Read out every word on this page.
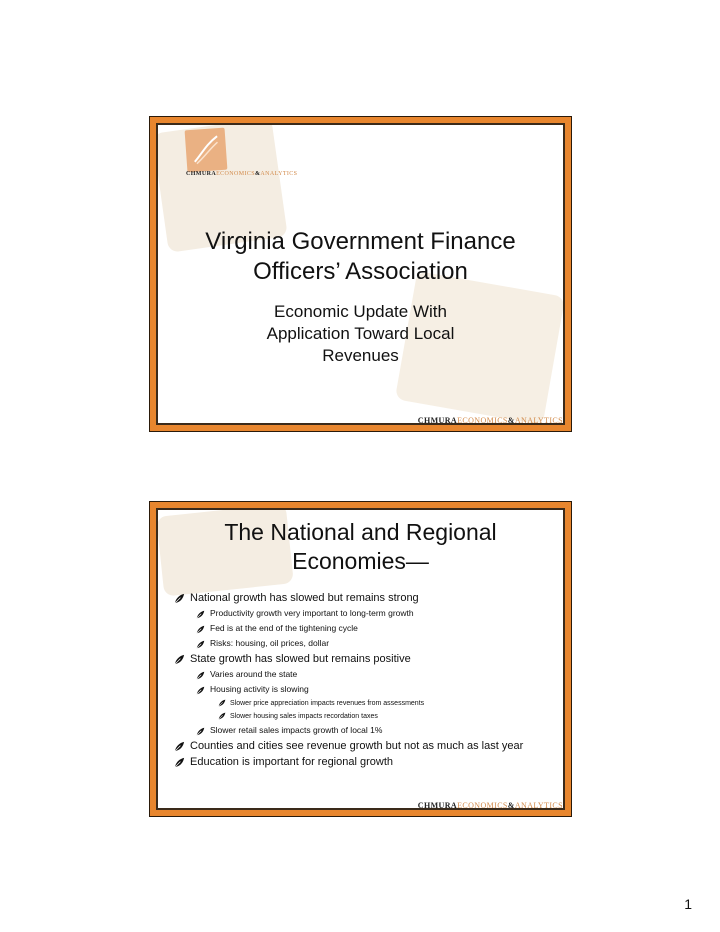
CHMURAECONOMICS&ANALYTICS
Virginia Government Finance
Officers’ Association
Economic Update With
Application Toward Local
Revenues
CHMURAECONOMICS&ANALYTICS
The National and Regional
Economies—
National growth has slowed but remains strong
Productivity growth very important to long-term growth
Fed is at the end of the tightening cycle
Risks: housing, oil prices, dollar
State growth has slowed but remains positive
Varies around the state
Housing activity is slowing
Slower price appreciation impacts revenues from assessments
Slower housing sales impacts recordation taxes
Slower retail sales impacts growth of local 1%
Counties and cities see revenue growth but not as much as last year
Education is important for regional growth
CHMURAECONOMICS&ANALYTICS
1
